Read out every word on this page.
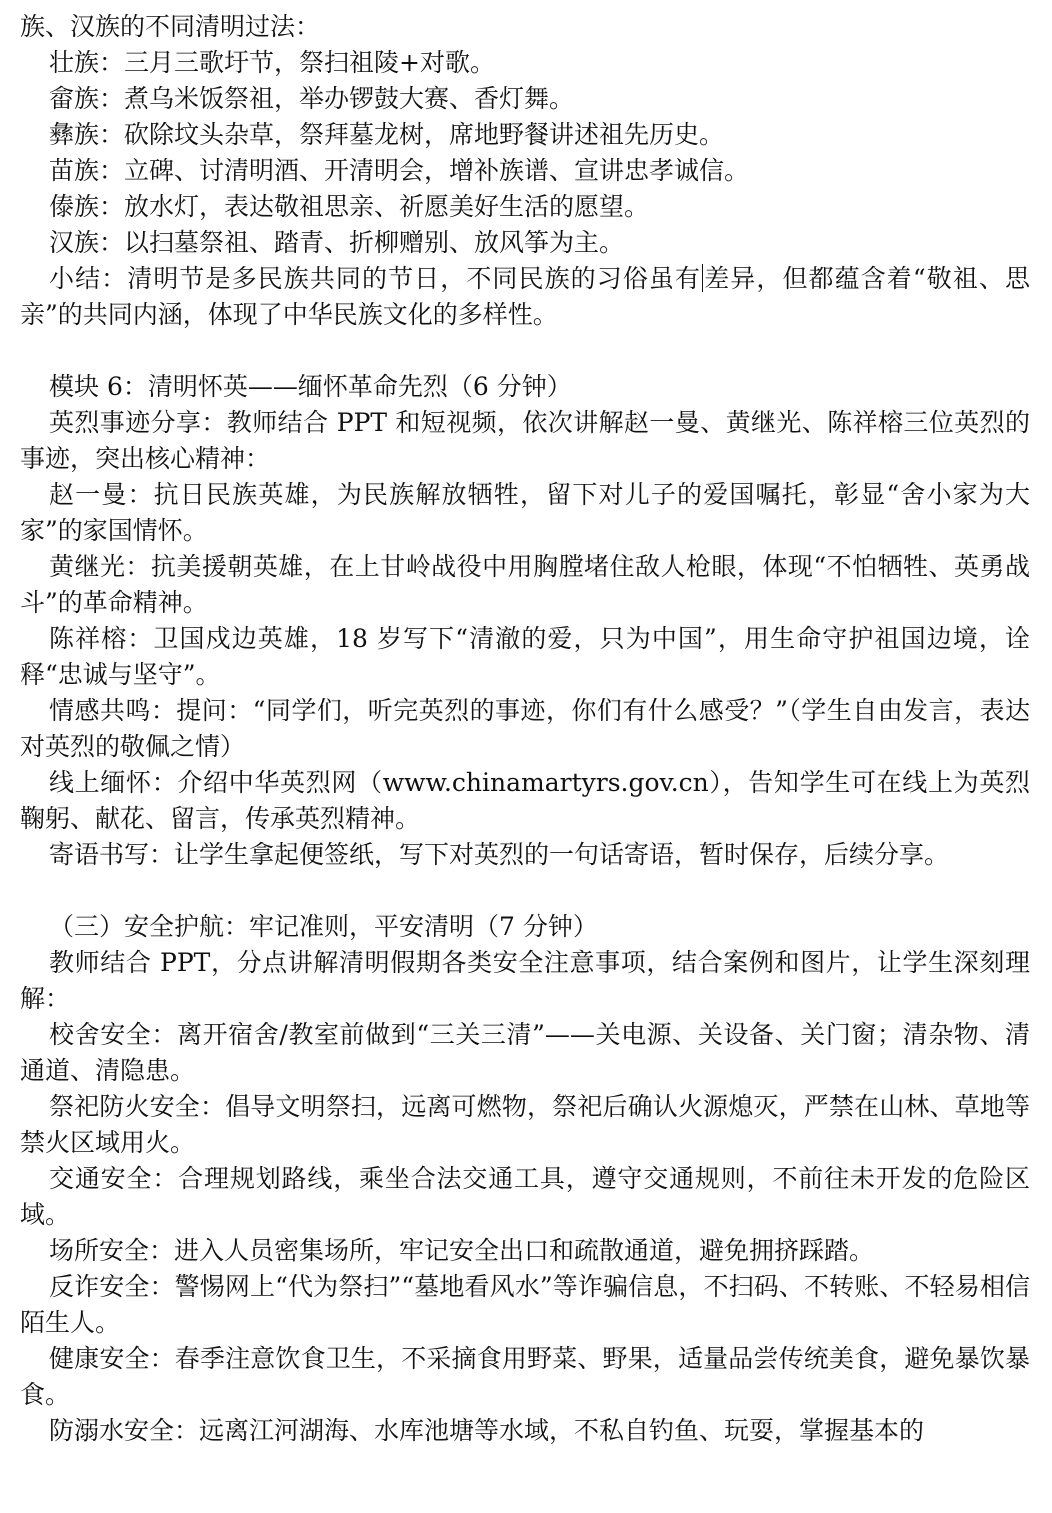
族、汉族的不同清明过法：

壮族：三月三歌圩节，祭扫祖陵+对歌。

畲族：煮乌米饭祭祖，举办锣鼓大赛、香灯舞。

彝族：砍除坟头杂草，祭拜墓龙树，席地野餐讲述祖先历史。

苗族：立碑、讨清明酒、开清明会，增补族谱、宣讲忠孝诚信。

傣族：放水灯，表达敬祖思亲、祈愿美好生活的愿望。

汉族：以扫墓祭祖、踏青、折柳赠别、放风筝为主。

小结：清明节是多民族共同的节日，不同民族的习俗虽有差异，但都蕴含着“敬祖、思亲”的共同内涵，体现了中华民族文化的多样性。

模块 6：清明怀英——缅怀革命先烈（6 分钟）

英烈事迹分享：教师结合 PPT 和短视频，依次讲解赵一曼、黄继光、陈祥榕三位英烈的事迹，突出核心精神：

赵一曼：抗日民族英雄，为民族解放牺牲，留下对儿子的爱国嘱托，彰显“舍小家为大家”的家国情怀。

黄继光：抗美援朝英雄，在上甘岭战役中用胸膛堵住敌人枪眼，体现“不怕牺牲、英勇战斗”的革命精神。

陈祥榕：卫国戍边英雄，18 岁写下“清澈的爱，只为中国”，用生命守护祖国边境，诠释“忠诚与坚守”。

情感共鸣：提问：“同学们，听完英烈的事迹，你们有什么感受？”（学生自由发言，表达对英烈的敬佩之情）

线上缅怀：介绍中华英烈网（www.chinamartyrs.gov.cn），告知学生可在线上为英烈鞠躬、献花、留言，传承英烈精神。

寄语书写：让学生拿起便签纸，写下对英烈的一句话寄语，暂时保存，后续分享。

（三）安全护航：牢记准则，平安清明（7 分钟）

教师结合 PPT，分点讲解清明假期各类安全注意事项，结合案例和图片，让学生深刻理解：

校舍安全：离开宿舍/教室前做到“三关三清”——关电源、关设备、关门窗；清杂物、清通道、清隐患。

祭祀防火安全：倡导文明祭扫，远离可燃物，祭祀后确认火源熄灭，严禁在山林、草地等禁火区域用火。

交通安全：合理规划路线，乘坐合法交通工具，遵守交通规则，不前往未开发的危险区域。

场所安全：进入人员密集场所，牢记安全出口和疏散通道，避免拥挤踩踏。

反诈安全：警惕网上“代为祭扫”“墓地看风水”等诈骗信息，不扫码、不转账、不轻易相信陌生人。

健康安全：春季注意饮食卫生，不采摘食用野菜、野果，适量品尝传统美食，避免暴饮暴食。

防溺水安全：远离江河湖海、水库池塘等水域，不私自钓鱼、玩耍，掌握基本的
